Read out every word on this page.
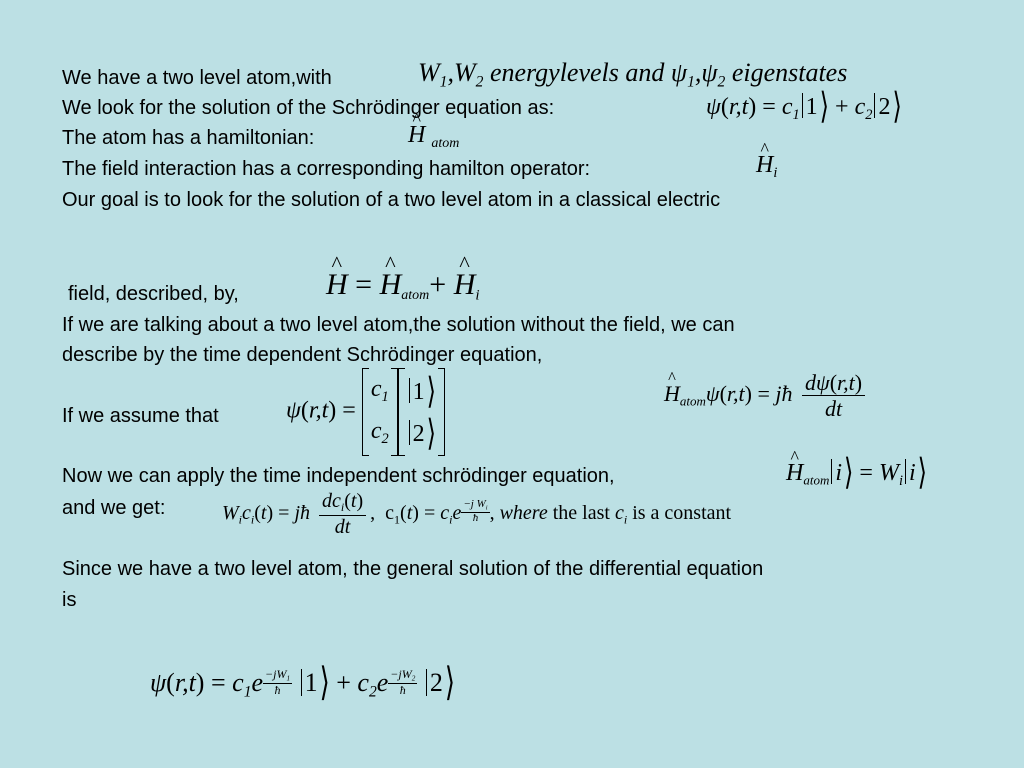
We have a two level atom,with
We look for the solution of the Schrödinger equation as:
The atom has a hamiltonian:
The field interaction has a corresponding hamilton operator:
Our goal is to look for the solution of a two level atom in a classical electric
field, described, by,
If we are talking about a two level atom,the solution without the field, we can
describe by the time dependent Schrödinger equation,
If we assume that
Now we can apply the time independent schrödinger equation,
and we get:
Since we have a two level atom, the general solution of the differential equation
is
$W_1,W_2$ energylevels and $\psi_1,\psi_2$ eigenstates
$\psi(r,t) = c_1$ 1⟩ + $c_2$ 2⟩
^ H $_{atom}$
^ $H_i$
^ H = ^ $H_{atom}+$ ^ $H_i$
^ $H_{atom}\psi(r,t)$ = jħ $\frac{d\psi(r,t)}{dt}$
ψ(r,t) =
$c_1$
$c_2$
1⟩
2⟩
^ $H_{atom}$ i⟩ = $W_i$ i⟩
$W_ic_i(t)$ = jħ $\frac{dc_i(t)}{dt}$ ,  $c_1(t) = c_ie \frac{-j W_i}{ħ}$ , where the last $c_i$ is a constant
$\psi(r,t) = c_1e \frac{-jW_1}{ħ}$ 1⟩ + $c_2e \frac{-jW_2}{ħ}$ 2⟩
